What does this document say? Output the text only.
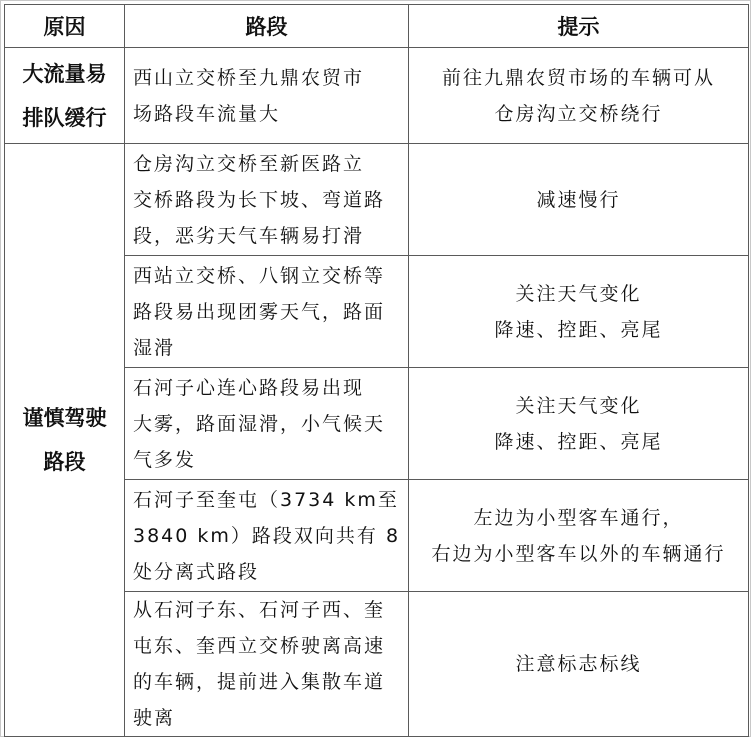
原因	路段	提示

大流量易
排队缓行	西山立交桥至九鼎农贸市
场路段车流量大	前往九鼎农贸市场的车辆可从
仓房沟立交桥绕行

谨慎驾驶
路段	仓房沟立交桥至新医路立
交桥路段为长下坡、弯道路
段，恶劣天气车辆易打滑	减速慢行

	西站立交桥、八钢立交桥等
路段易出现团雾天气，路面
湿滑	关注天气变化
降速、控距、亮尾

	石河子心连心路段易出现
大雾，路面湿滑，小气候天
气多发	关注天气变化
降速、控距、亮尾

	石河子至奎屯（3734 km至
3840 km）路段双向共有 8
处分离式路段	左边为小型客车通行，
右边为小型客车以外的车辆通行

	从石河子东、石河子西、奎
屯东、奎西立交桥驶离高速
的车辆，提前进入集散车道
驶离	注意标志标线
